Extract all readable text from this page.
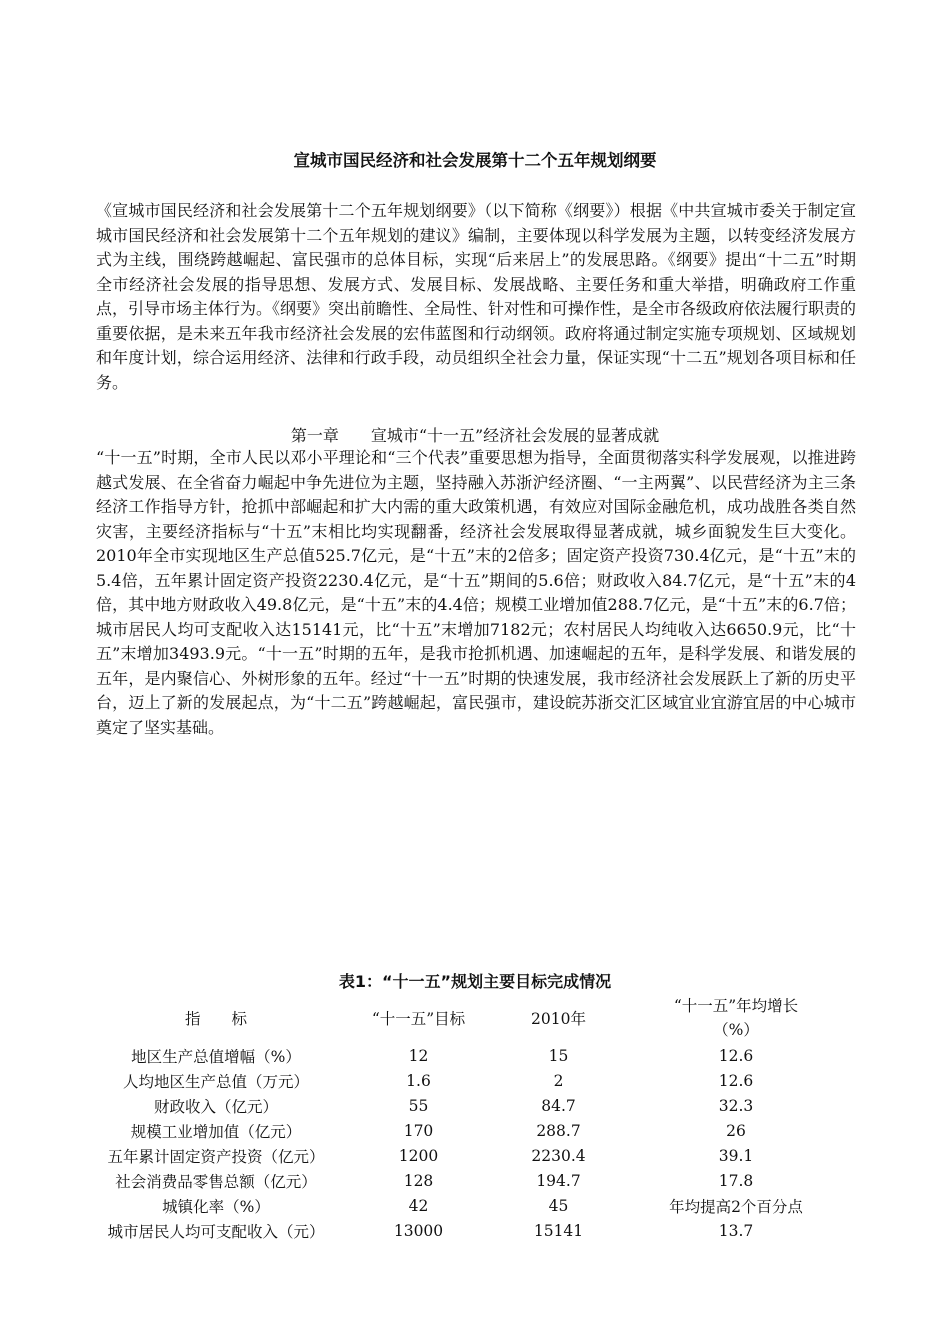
宣城市国民经济和社会发展第十二个五年规划纲要
《宣城市国民经济和社会发展第十二个五年规划纲要》（以下简称《纲要》）根据《中共宣城市委关于制定宣城市国民经济和社会发展第十二个五年规划的建议》编制，主要体现以科学发展为主题，以转变经济发展方式为主线，围绕跨越崛起、富民强市的总体目标，实现“后来居上”的发展思路。《纲要》提出“十二五”时期全市经济社会发展的指导思想、发展方式、发展目标、发展战略、主要任务和重大举措，明确政府工作重点，引导市场主体行为。《纲要》突出前瞻性、全局性、针对性和可操作性，是全市各级政府依法履行职责的重要依据，是未来五年我市经济社会发展的宏伟蓝图和行动纲领。政府将通过制定实施专项规划、区域规划和年度计划，综合运用经济、法律和行政手段，动员组织全社会力量，保证实现“十二五”规划各项目标和任务。
第一章　　宣城市“十一五”经济社会发展的显著成就
“十一五”时期，全市人民以邓小平理论和“三个代表”重要思想为指导，全面贯彻落实科学发展观，以推进跨越式发展、在全省奋力崛起中争先进位为主题，坚持融入苏浙沪经济圈、“一主两翼”、以民营经济为主三条经济工作指导方针，抢抓中部崛起和扩大内需的重大政策机遇，有效应对国际金融危机，成功战胜各类自然灾害，主要经济指标与“十五”末相比均实现翻番，经济社会发展取得显著成就，城乡面貌发生巨大变化。2010年全市实现地区生产总值525.7亿元，是“十五”末的2倍多；固定资产投资730.4亿元，是“十五”末的5.4倍，五年累计固定资产投资2230.4亿元，是“十五”期间的5.6倍；财政收入84.7亿元，是“十五”末的4倍，其中地方财政收入49.8亿元，是“十五”末的4.4倍；规模工业增加值288.7亿元，是“十五”末的6.7倍；城市居民人均可支配收入达15141元，比“十五”末增加7182元；农村居民人均纯收入达6650.9元，比“十五”末增加3493.9元。“十一五”时期的五年，是我市抢抓机遇、加速崛起的五年，是科学发展、和谐发展的五年，是内聚信心、外树形象的五年。经过“十一五”时期的快速发展，我市经济社会发展跃上了新的历史平台，迈上了新的发展起点，为“十二五”跨越崛起，富民强市，建设皖苏浙交汇区域宜业宜游宜居的中心城市奠定了坚实基础。
表1：“十一五”规划主要目标完成情况
指　　标	“十一五”目标	2010年	“十一五”年均增长
（%）

地区生产总值增幅（%）	12	15	12.6
人均地区生产总值（万元）	1.6	2	12.6
财政收入（亿元）	55	84.7	32.3
规模工业增加值（亿元）	170	288.7	26
五年累计固定资产投资（亿元）	1200	2230.4	39.1
社会消费品零售总额（亿元）	128	194.7	17.8
城镇化率（%）	42	45	年均提高2个百分点
城市居民人均可支配收入（元）	13000	15141	13.7
